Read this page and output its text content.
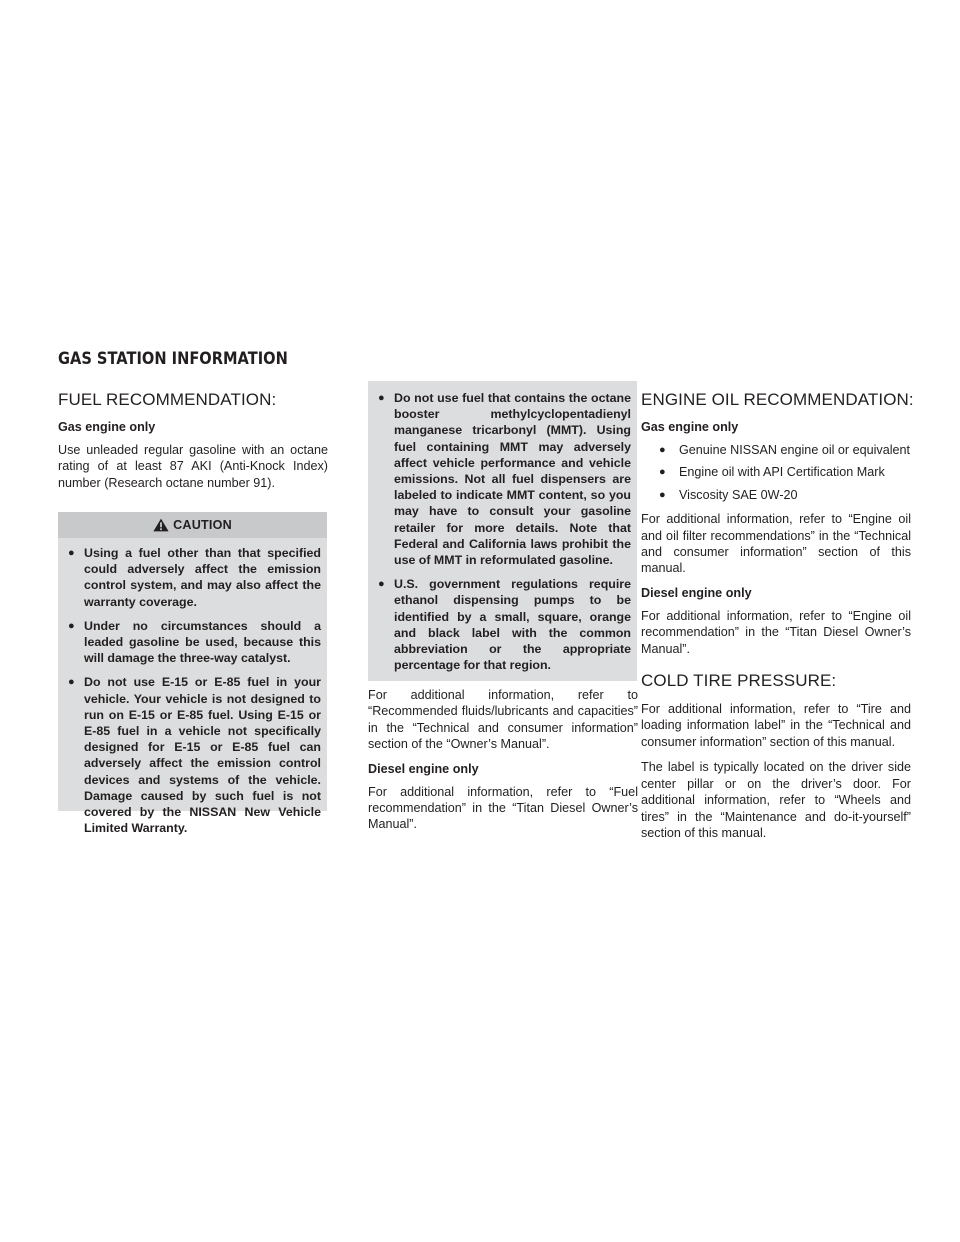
GAS STATION INFORMATION
FUEL RECOMMENDATION:
Gas engine only

Use unleaded regular gasoline with an octane rating of at least 87 AKI (Anti-Knock Index) number (Research octane number 91).

CAUTION
● Using a fuel other than that specified could adversely affect the emission control system, and may also affect the warranty coverage.
● Under no circumstances should a leaded gasoline be used, because this will damage the three-way catalyst.
● Do not use E-15 or E-85 fuel in your vehicle. Your vehicle is not designed to run on E-15 or E-85 fuel. Using E-15 or E-85 fuel in a vehicle not specifically designed for E-15 or E-85 fuel can adversely affect the emission control devices and systems of the vehicle. Damage caused by such fuel is not covered by the NISSAN New Vehicle Limited Warranty.
● Do not use fuel that contains the octane booster methylcyclopentadienyl manganese tricarbonyl (MMT). Using fuel containing MMT may adversely affect vehicle performance and vehicle emissions. Not all fuel dispensers are labeled to indicate MMT content, so you may have to consult your gasoline retailer for more details. Note that Federal and California laws prohibit the use of MMT in reformulated gasoline.
● U.S. government regulations require ethanol dispensing pumps to be identified by a small, square, orange and black label with the common abbreviation or the appropriate percentage for that region.

For additional information, refer to “Recommended fluids/lubricants and capacities” in the “Technical and consumer information” section of the “Owner’s Manual”.

Diesel engine only

For additional information, refer to “Fuel recommendation” in the “Titan Diesel Owner’s Manual”.

ENGINE OIL RECOMMENDATION:
Gas engine only
● Genuine NISSAN engine oil or equivalent
● Engine oil with API Certification Mark
● Viscosity SAE 0W-20

For additional information, refer to “Engine oil and oil filter recommendations” in the “Technical and consumer information” section of this manual.

Diesel engine only

For additional information, refer to “Engine oil recommendation” in the “Titan Diesel Owner’s Manual”.

COLD TIRE PRESSURE:

For additional information, refer to “Tire and loading information label” in the “Technical and consumer information” section of this manual.

The label is typically located on the driver side center pillar or on the driver’s door. For additional information, refer to “Wheels and tires” in the “Maintenance and do-it-yourself” section of this manual.
